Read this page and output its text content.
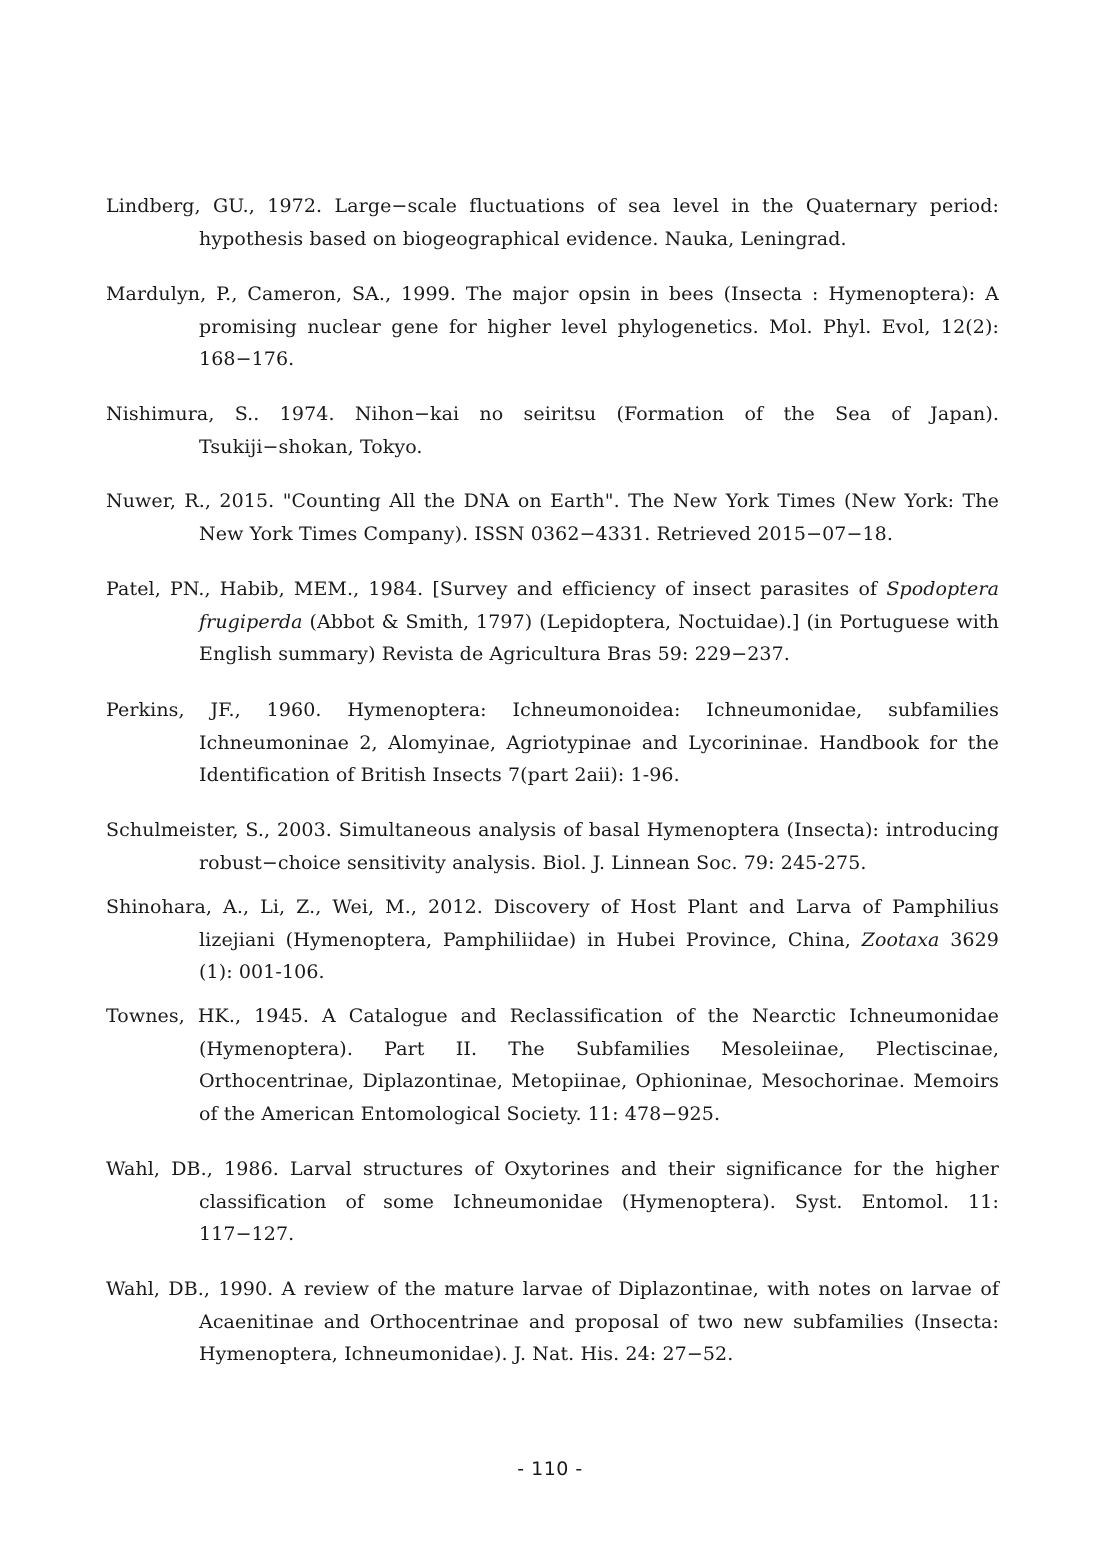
Lindberg, GU., 1972. Large−scale fluctuations of sea level in the Quaternary period: hypothesis based on biogeographical evidence. Nauka, Leningrad.

Mardulyn, P., Cameron, SA., 1999. The major opsin in bees (Insecta : Hymenoptera): A promising nuclear gene for higher level phylogenetics. Mol. Phyl. Evol, 12(2): 168−176.

Nishimura, S.. 1974. Nihon−kai no seiritsu (Formation of the Sea of Japan). Tsukiji−shokan, Tokyo.

Nuwer, R., 2015. "Counting All the DNA on Earth". The New York Times (New York: The New York Times Company). ISSN 0362−4331. Retrieved 2015−07−18.

Patel, PN., Habib, MEM., 1984. [Survey and efficiency of insect parasites of Spodoptera frugiperda (Abbot & Smith, 1797) (Lepidoptera, Noctuidae).] (in Portuguese with English summary) Revista de Agricultura Bras 59: 229−237.

Perkins, JF., 1960. Hymenoptera: Ichneumonoidea: Ichneumonidae, subfamilies Ichneumoninae 2, Alomyinae, Agriotypinae and Lycorininae. Handbook for the Identification of British Insects 7(part 2aii): 1-96.

Schulmeister, S., 2003. Simultaneous analysis of basal Hymenoptera (Insecta): introducing robust−choice sensitivity analysis. Biol. J. Linnean Soc. 79: 245-275.

Shinohara, A., Li, Z., Wei, M., 2012. Discovery of Host Plant and Larva of Pamphilius lizejiani (Hymenoptera, Pamphiliidae) in Hubei Province, China, Zootaxa 3629 (1): 001-106.

Townes, HK., 1945. A Catalogue and Reclassification of the Nearctic Ichneumonidae (Hymenoptera). Part II. The Subfamilies Mesoleiinae, Plectiscinae, Orthocentrinae, Diplazontinae, Metopiinae, Ophioninae, Mesochorinae. Memoirs of the American Entomological Society. 11: 478−925.

Wahl, DB., 1986. Larval structures of Oxytorines and their significance for the higher classification of some Ichneumonidae (Hymenoptera). Syst. Entomol. 11: 117−127.

Wahl, DB., 1990. A review of the mature larvae of Diplazontinae, with notes on larvae of Acaenitinae and Orthocentrinae and proposal of two new subfamilies (Insecta: Hymenoptera, Ichneumonidae). J. Nat. His. 24: 27−52.

- 110 -
